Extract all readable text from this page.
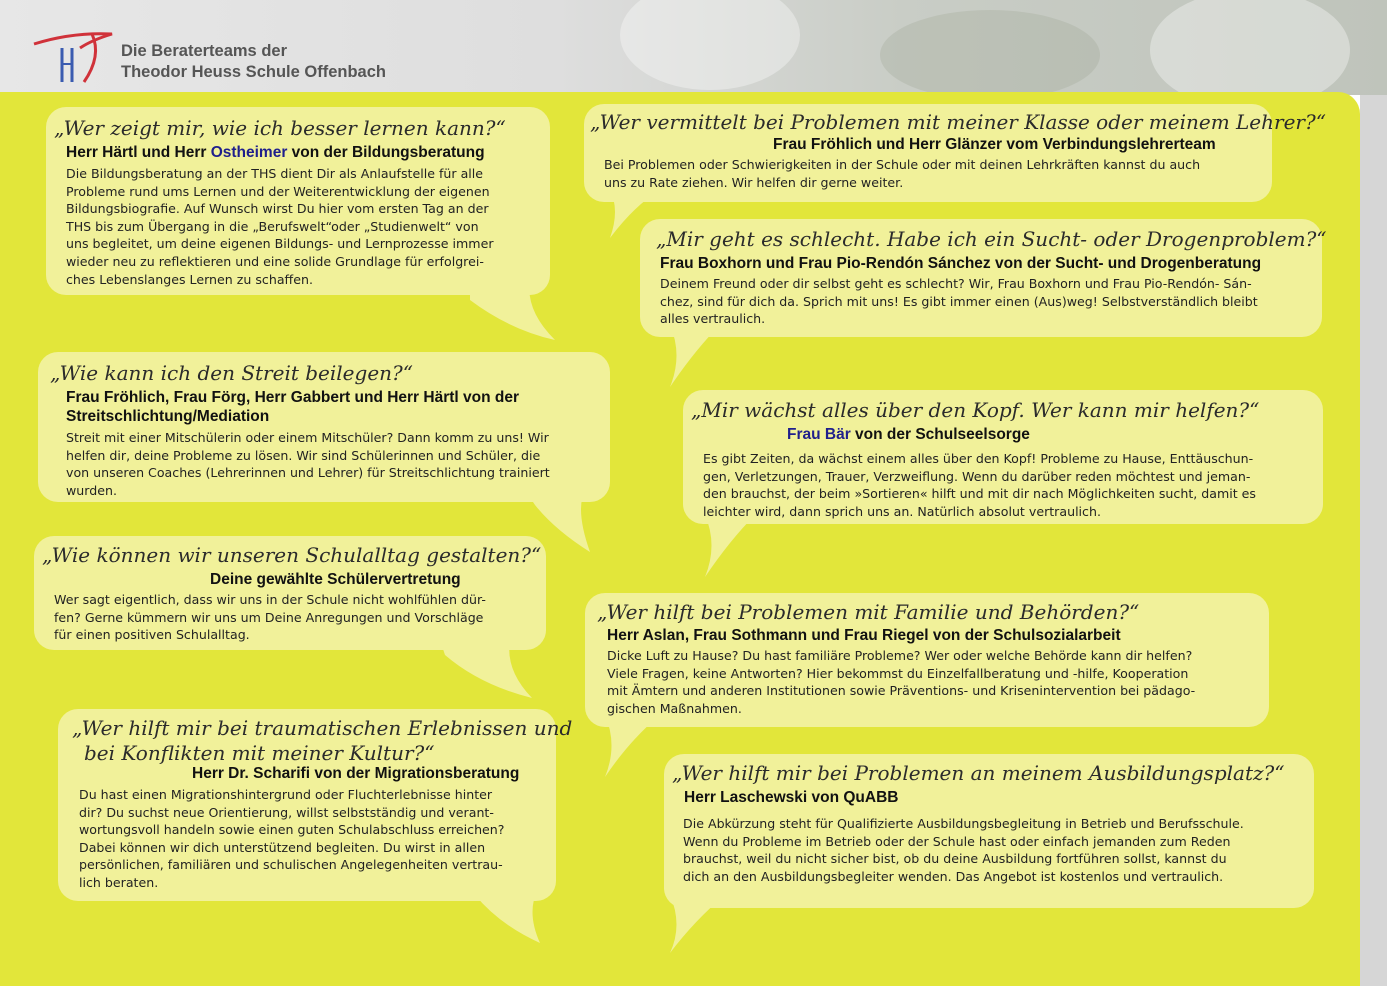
Die Beraterteams der
Theodor Heuss Schule Offenbach

„Wer zeigt mir, wie ich besser lernen kann?“

Herr Härtl und Herr Ostheimer von der Bildungsberatung

Die Bildungsberatung an der THS dient Dir als Anlaufstelle für alle
Probleme rund ums Lernen und der Weiterentwicklung der eigenen
Bildungsbiografie. Auf Wunsch wirst Du hier vom ersten Tag an der
THS bis zum Übergang in die „Berufswelt“oder „Studienwelt“ von
uns begleitet, um deine eigenen Bildungs- und Lernprozesse immer
wieder neu zu reflektieren und eine solide Grundlage für erfolgrei-
ches Lebenslanges Lernen zu schaffen.

„Wie kann ich den Streit beilegen?“

Frau Fröhlich, Frau Förg, Herr Gabbert und Herr Härtl von der
Streitschlichtung/Mediation

Streit mit einer Mitschülerin oder einem Mitschüler? Dann komm zu uns! Wir
helfen dir, deine Probleme zu lösen. Wir sind Schülerinnen und Schüler, die
von unseren Coaches (Lehrerinnen und Lehrer) für Streitschlichtung trainiert
wurden.

„Wie können wir unseren Schulalltag gestalten?“

Deine gewählte Schülervertretung

Wer sagt eigentlich, dass wir uns in der Schule nicht wohlfühlen dür-
fen? Gerne kümmern wir uns um Deine Anregungen und Vorschläge
für einen positiven Schulalltag.

„Wer hilft mir bei traumatischen Erlebnissen und
bei Konflikten mit meiner Kultur?“

Herr Dr. Scharifi von der Migrationsberatung

Du hast einen Migrationshintergrund oder Fluchterlebnisse hinter
dir? Du suchst neue Orientierung, willst selbstständig und verant-
wortungsvoll handeln sowie einen guten Schulabschluss erreichen?
Dabei können wir dich unterstützend begleiten. Du wirst in allen
persönlichen, familiären und schulischen Angelegenheiten vertrau-
lich beraten.

„Wer vermittelt bei Problemen mit meiner Klasse oder meinem Lehrer?“

Frau Fröhlich und Herr Glänzer vom Verbindungslehrerteam

Bei Problemen oder Schwierigkeiten in der Schule oder mit deinen Lehrkräften kannst du auch
uns zu Rate ziehen. Wir helfen dir gerne weiter.

„Mir geht es schlecht. Habe ich ein Sucht- oder Drogenproblem?“

Frau Boxhorn und Frau Pio-Rendón Sánchez von der Sucht- und Drogenberatung

Deinem Freund oder dir selbst geht es schlecht? Wir, Frau Boxhorn und Frau Pio-Rendón- Sán-
chez, sind für dich da. Sprich mit uns! Es gibt immer einen (Aus)weg! Selbstverständlich bleibt
alles vertraulich.

„Mir wächst alles über den Kopf. Wer kann mir helfen?“

Frau Bär von der Schulseelsorge

Es gibt Zeiten, da wächst einem alles über den Kopf! Probleme zu Hause, Enttäuschun-
gen, Verletzungen, Trauer, Verzweiflung. Wenn du darüber reden möchtest und jeman-
den brauchst, der beim »Sortieren« hilft und mit dir nach Möglichkeiten sucht, damit es
leichter wird, dann sprich uns an. Natürlich absolut vertraulich.

„Wer hilft bei Problemen mit Familie und Behörden?“

Herr Aslan, Frau Sothmann und Frau Riegel von der Schulsozialarbeit

Dicke Luft zu Hause? Du hast familiäre Probleme? Wer oder welche Behörde kann dir helfen?
Viele Fragen, keine Antworten? Hier bekommst du Einzelfallberatung und -hilfe, Kooperation
mit Ämtern und anderen Institutionen sowie Präventions- und Krisenintervention bei pädago-
gischen Maßnahmen.

„Wer hilft mir bei Problemen an meinem Ausbildungsplatz?“

Herr Laschewski von QuABB

Die Abkürzung steht für Qualifizierte Ausbildungsbegleitung in Betrieb und Berufsschule.
Wenn du Probleme im Betrieb oder der Schule hast oder einfach jemanden zum Reden
brauchst, weil du nicht sicher bist, ob du deine Ausbildung fortführen sollst, kannst du
dich an den Ausbildungsbegleiter wenden. Das Angebot ist kostenlos und vertraulich.
